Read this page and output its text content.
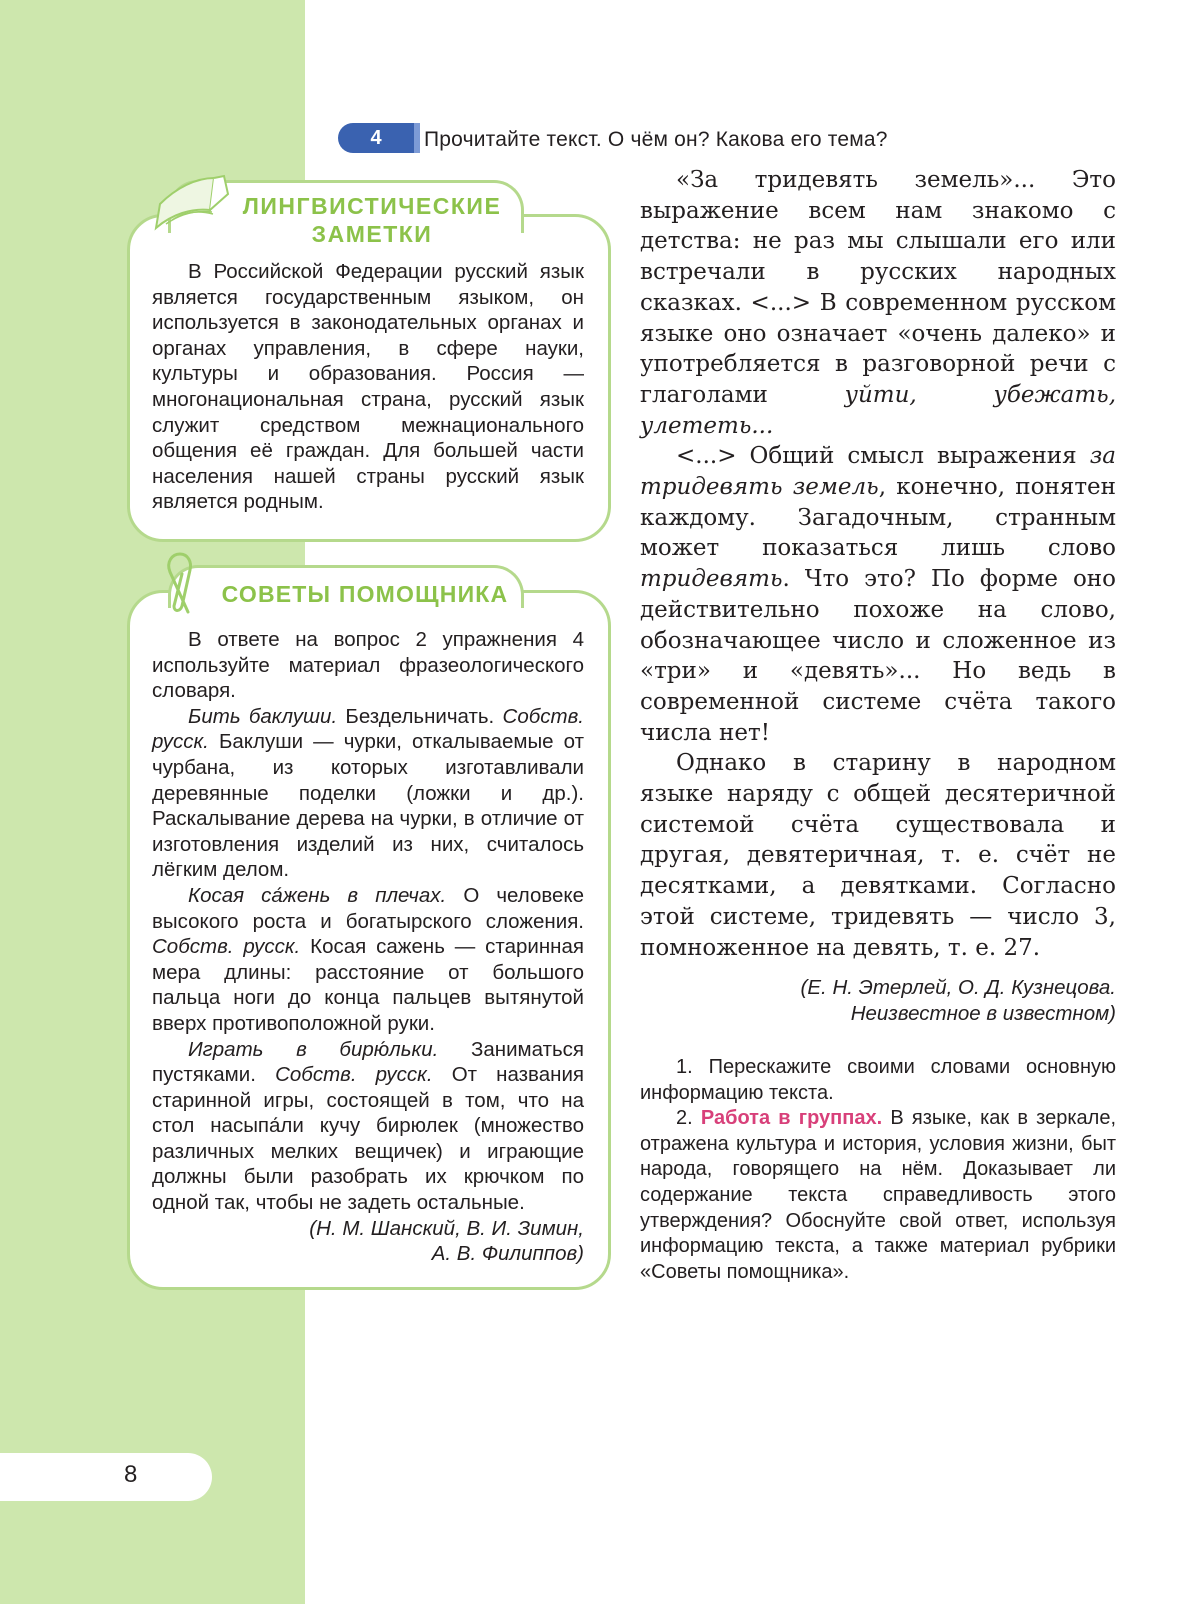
8
4	Прочитайте текст. О чём он? Какова его тема?
ЛИНГВИСТИЧЕСКИЕ
ЗАМЕТКИ

В Российской Федерации русский язык является государственным языком, он используется в законодательных органах и органах управления, в сфере науки, культуры и образования. Россия — многонациональная страна, русский язык служит средством межнационального общения её граждан. Для большей части населения нашей страны русский язык является родным.

СОВЕТЫ ПОМОЩНИКА

В ответе на вопрос 2 упражнения 4 используйте материал фразеологического словаря.

Бить баклуши. Бездельничать. Собств. русск. Баклуши — чурки, откалываемые от чурбана, из которых изготавливали деревянные поделки (ложки и др.). Раскалывание дерева на чурки, в отличие от изготовления изделий из них, считалось лёгким делом.

Косая са́жень в плечах. О человеке высокого роста и богатырского сложения. Собств. русск. Косая сажень — старинная мера длины: расстояние от большого пальца ноги до конца пальцев вытянутой вверх противоположной руки.

Играть в бирю́льки. Заниматься пустяками. Собств. русск. От названия старинной игры, состоящей в том, что на стол насыпа́ли кучу бирюлек (множество различных мелких вещичек) и играющие должны были разобрать их крючком по одной так, чтобы не задеть остальные.

(Н. М. Шанский, В. И. Зимин,
А. В. Филиппов)

«За тридевять земель»... Это выражение всем нам знакомо с детства: не раз мы слышали его или встречали в русских народных сказках. <...> В современном русском языке оно означает «очень далеко» и употребляется в разговорной речи с глаголами уйти, убежать, улететь...

<...> Общий смысл выражения за тридевять земель, конечно, понятен каждому. Загадочным, странным может показаться лишь слово тридевять. Что это? По форме оно действительно похоже на слово, обозначающее число и сложенное из «три» и «девять»... Но ведь в современной системе счёта такого числа нет!

Однако в старину в народном языке наряду с общей десятеричной системой счёта существовала и другая, девятеричная, т. е. счёт не десятками, а девятками. Согласно этой системе, тридевять — число 3, помноженное на девять, т. е. 27.

(Е. Н. Этерлей, О. Д. Кузнецова.
Неизвестное в известном)

1. Перескажите своими словами основную информацию текста.

2. Работа в группах. В языке, как в зеркале, отражена культура и история, условия жизни, быт народа, говорящего на нём. Доказывает ли содержание текста справедливость этого утверждения? Обоснуйте свой ответ, используя информацию текста, а также материал рубрики «Советы помощника».
